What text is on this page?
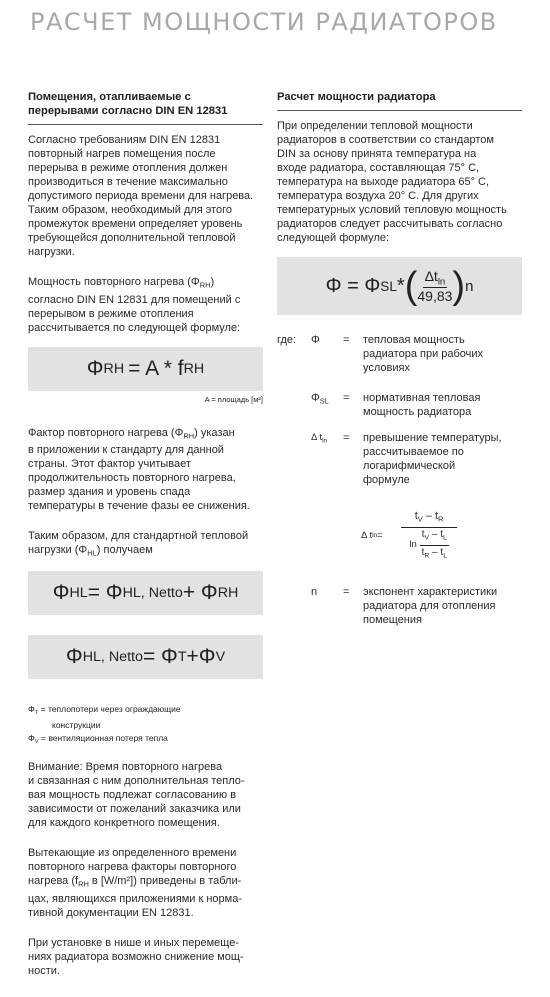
РАСЧЕТ МОЩНОСТИ РАДИАТОРОВ
Помещения, отапливаемые с
перерывами согласно DIN EN 12831
Согласно требованиям DIN EN 12831
повторный нагрев помещения после
перерыва в режиме отопления должен
производиться в течение максимально
допустимого периода времени для нагрева.
Таким образом, необходимый для этого
промежуток времени определяет уровень
требующейся дополнительной тепловой
нагрузки.
Мощность повторного нагрева $(\Phi_{RH})$
согласно DIN EN 12831 для помещений с
перерывом в режиме отопления
рассчитывается по следующей формуле:
Φ RH = A * f RH
A = площадь [м²]
Фактор повторного нагрева $(\Phi_{RH})$ указан
в приложении к стандарту для данной
страны. Этот фактор учитывает
продолжительность повторного нагрева,
размер здания и уровень спада
температуры в течение фазы ее снижения.
Таким образом, для стандартной тепловой
нагрузки $(\Phi_{HL})$ получаем
Φ HL = Φ HL, Netto + Φ RH
Φ HL, Netto = Φ T +Φ V
$\Phi_T$ = теплопотери через ограждающие
конструкции
$\Phi_V$ = вентиляционная потеря тепла
Внимание: Время повторного нагрева
и связанная с ним дополнительная тепло-
вая мощность подлежат согласованию в
зависимости от пожеланий заказчика или
для каждого конкретного помещения.
Вытекающие из определенного времени
повторного нагрева факторы повторного
нагрева ($f_{RH}$ в [W/m²]) приведены в табли-
цах, являющихся приложениями к норма-
тивной документации EN 12831.
При установке в нише и иных перемеще-
ниях радиатора возможно снижение мощ-
ности.
Расчет мощности радиатора
При определении тепловой мощности
радиаторов в соответствии со стандартом
DIN за основу принята температура на
входе радиатора, составляющая 75° С,
температура на выходе радиатора 65° С,
температура воздуха 20° С. Для других
температурных условий тепловую мощность
радиаторов следует рассчитывать согласно
следующей формуле:
Φ = Φ SL * ( $\frac{\Delta t_{ln}}{49,83}$ ) n
где: Φ = тепловая мощность
радиатора при рабочих
условиях
$\Phi_{SL}$ = нормативная тепловая
мощность радиатора
Δ $t_{ln}$ = превышение температуры,
рассчитываемое по
логарифмической
формуле
Δ t $\ln = \frac{t_V - t_R}{\ln \frac{t_V - t_L}{t_R - t_L}}$
n = экспонент характеристики
радиатора для отопления
помещения
